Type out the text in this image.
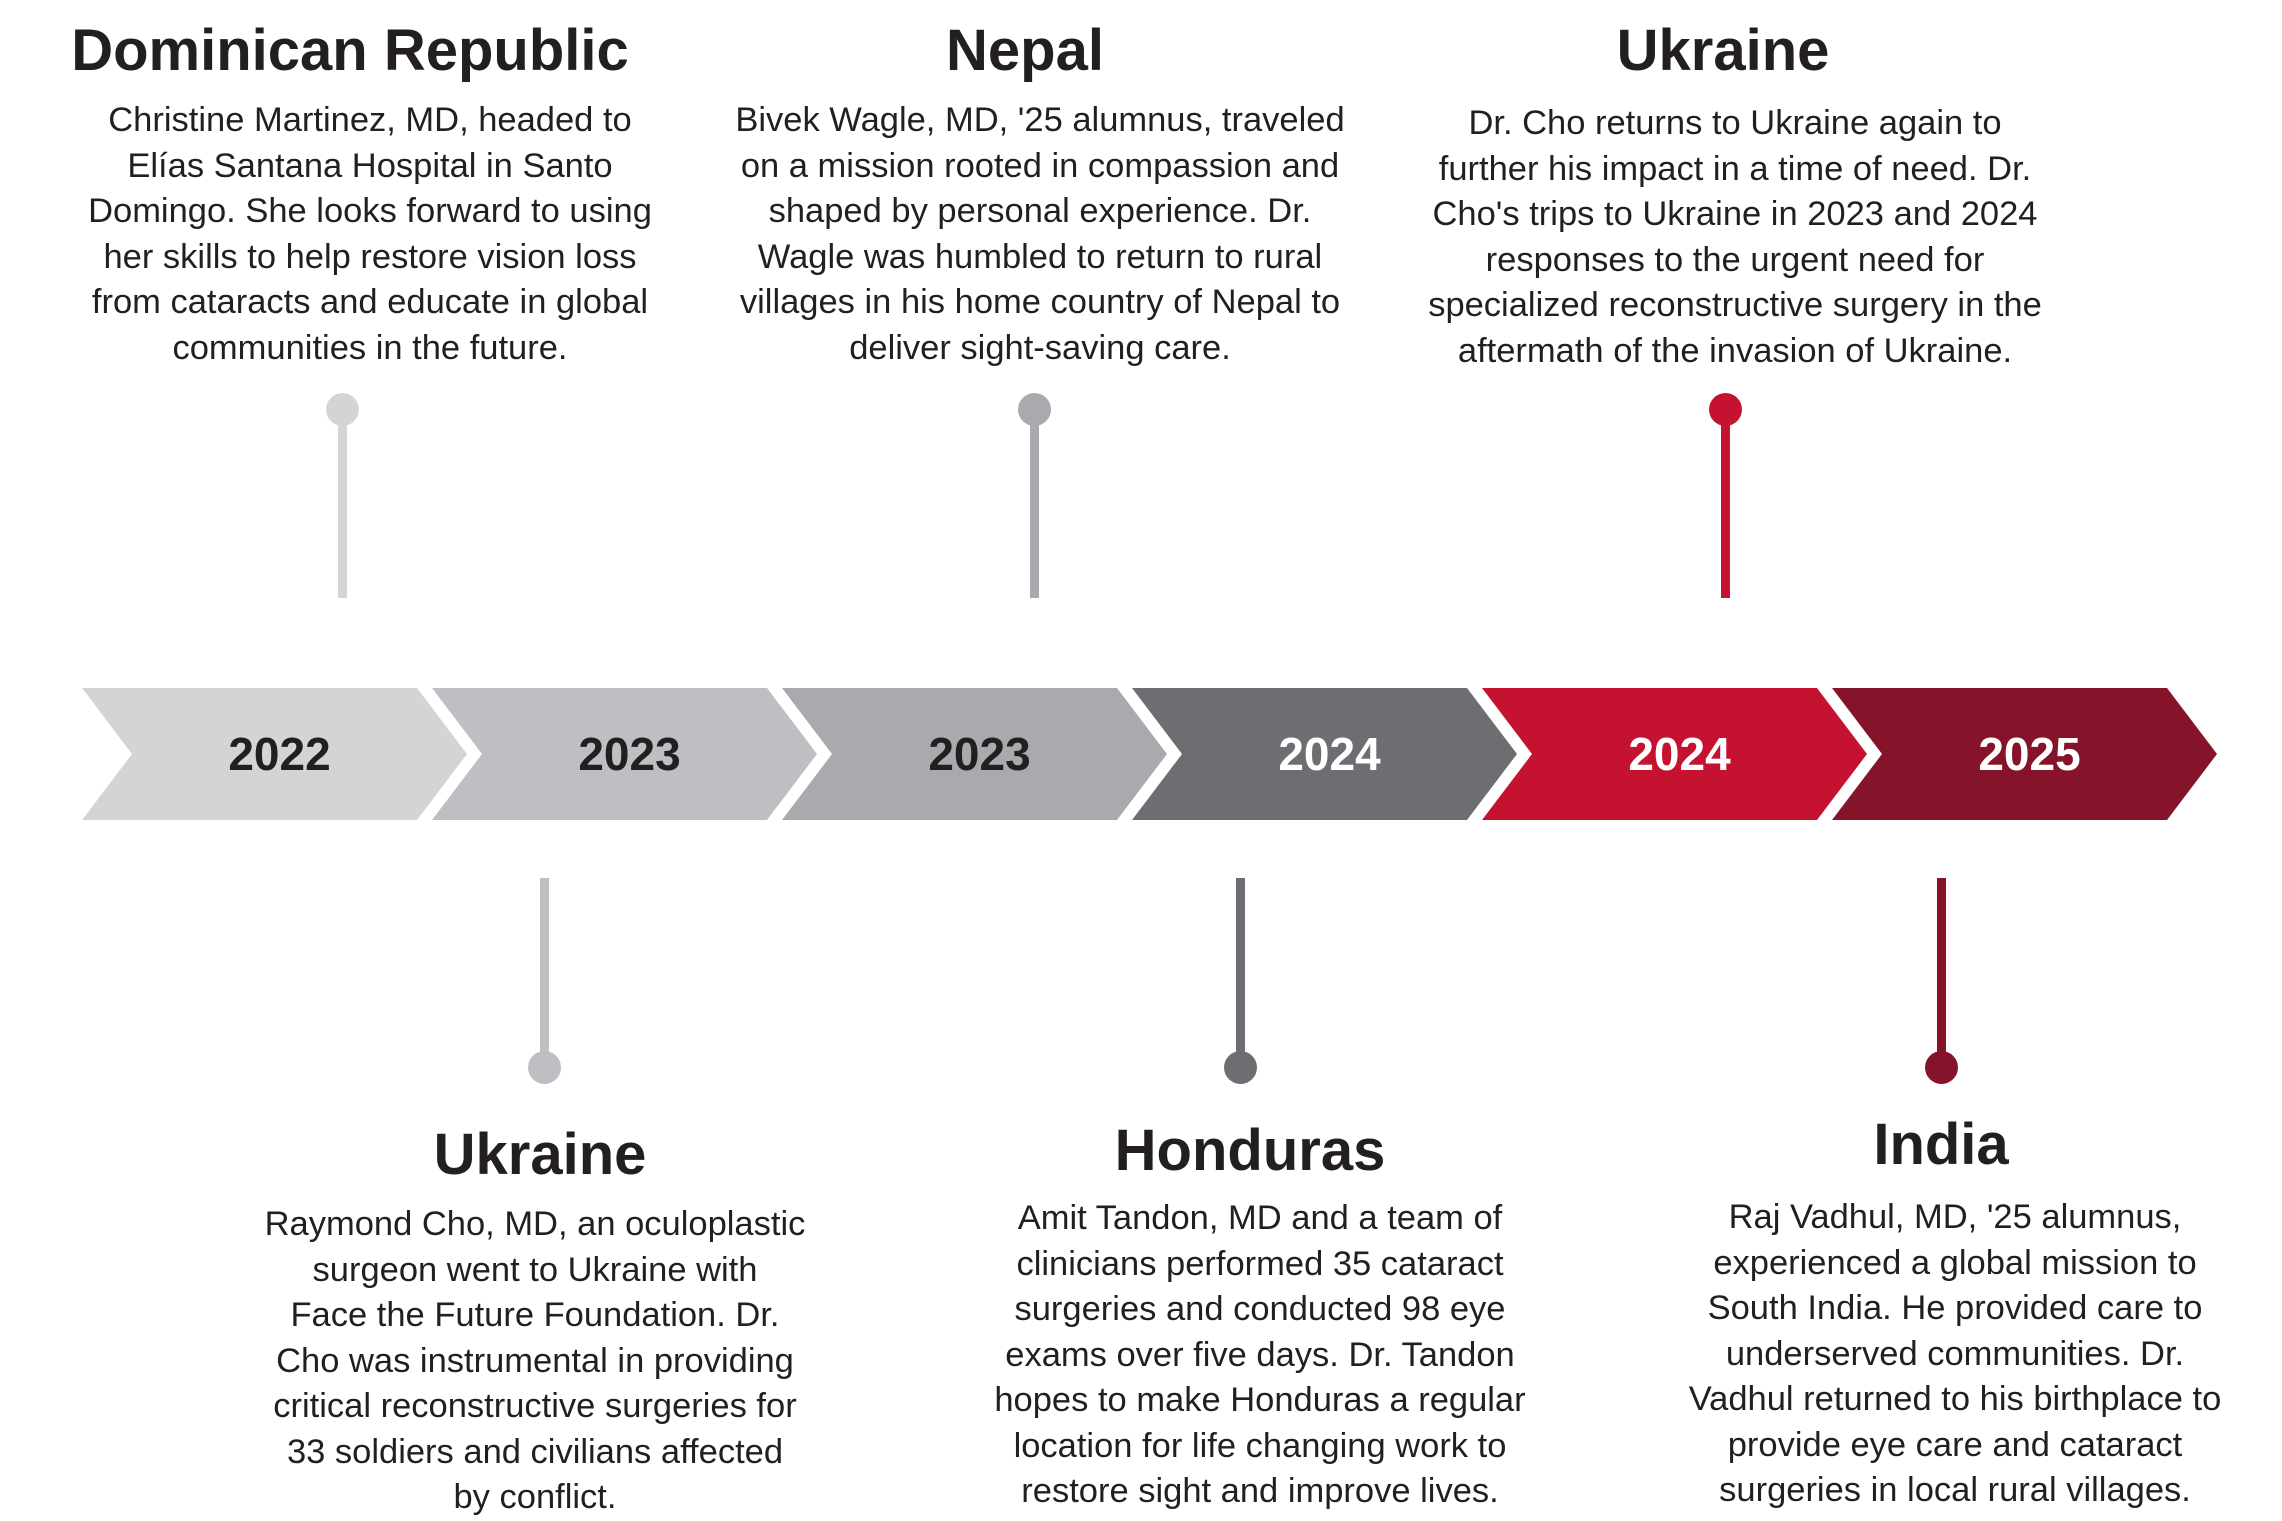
2022	2023	2023	2024	2024	2025
Dominican Republic
Christine Martinez, MD, headed to
Elías Santana Hospital in Santo
Domingo. She looks forward to using
her skills to help restore vision loss
from cataracts and educate in global
communities in the future.
Ukraine
Raymond Cho, MD, an oculoplastic
surgeon went to Ukraine with
Face the Future Foundation. Dr.
Cho was instrumental in providing
critical reconstructive surgeries for
33 soldiers and civilians affected
by conflict.
Nepal
Bivek Wagle, MD, '25 alumnus, traveled
on a mission rooted in compassion and
shaped by personal experience. Dr.
Wagle was humbled to return to rural
villages in his home country of Nepal to
deliver sight-saving care.
Honduras
Amit Tandon, MD and a team of
clinicians performed 35 cataract
surgeries and conducted 98 eye
exams over five days. Dr. Tandon
hopes to make Honduras a regular
location for life changing work to
restore sight and improve lives.
Ukraine
Dr. Cho returns to Ukraine again to
further his impact in a time of need. Dr.
Cho's trips to Ukraine in 2023 and 2024
responses to the urgent need for
specialized reconstructive surgery in the
aftermath of the invasion of Ukraine.
India
Raj Vadhul, MD, '25 alumnus,
experienced a global mission to
South India. He provided care to
underserved communities. Dr.
Vadhul returned to his birthplace to
provide eye care and cataract
surgeries in local rural villages.
